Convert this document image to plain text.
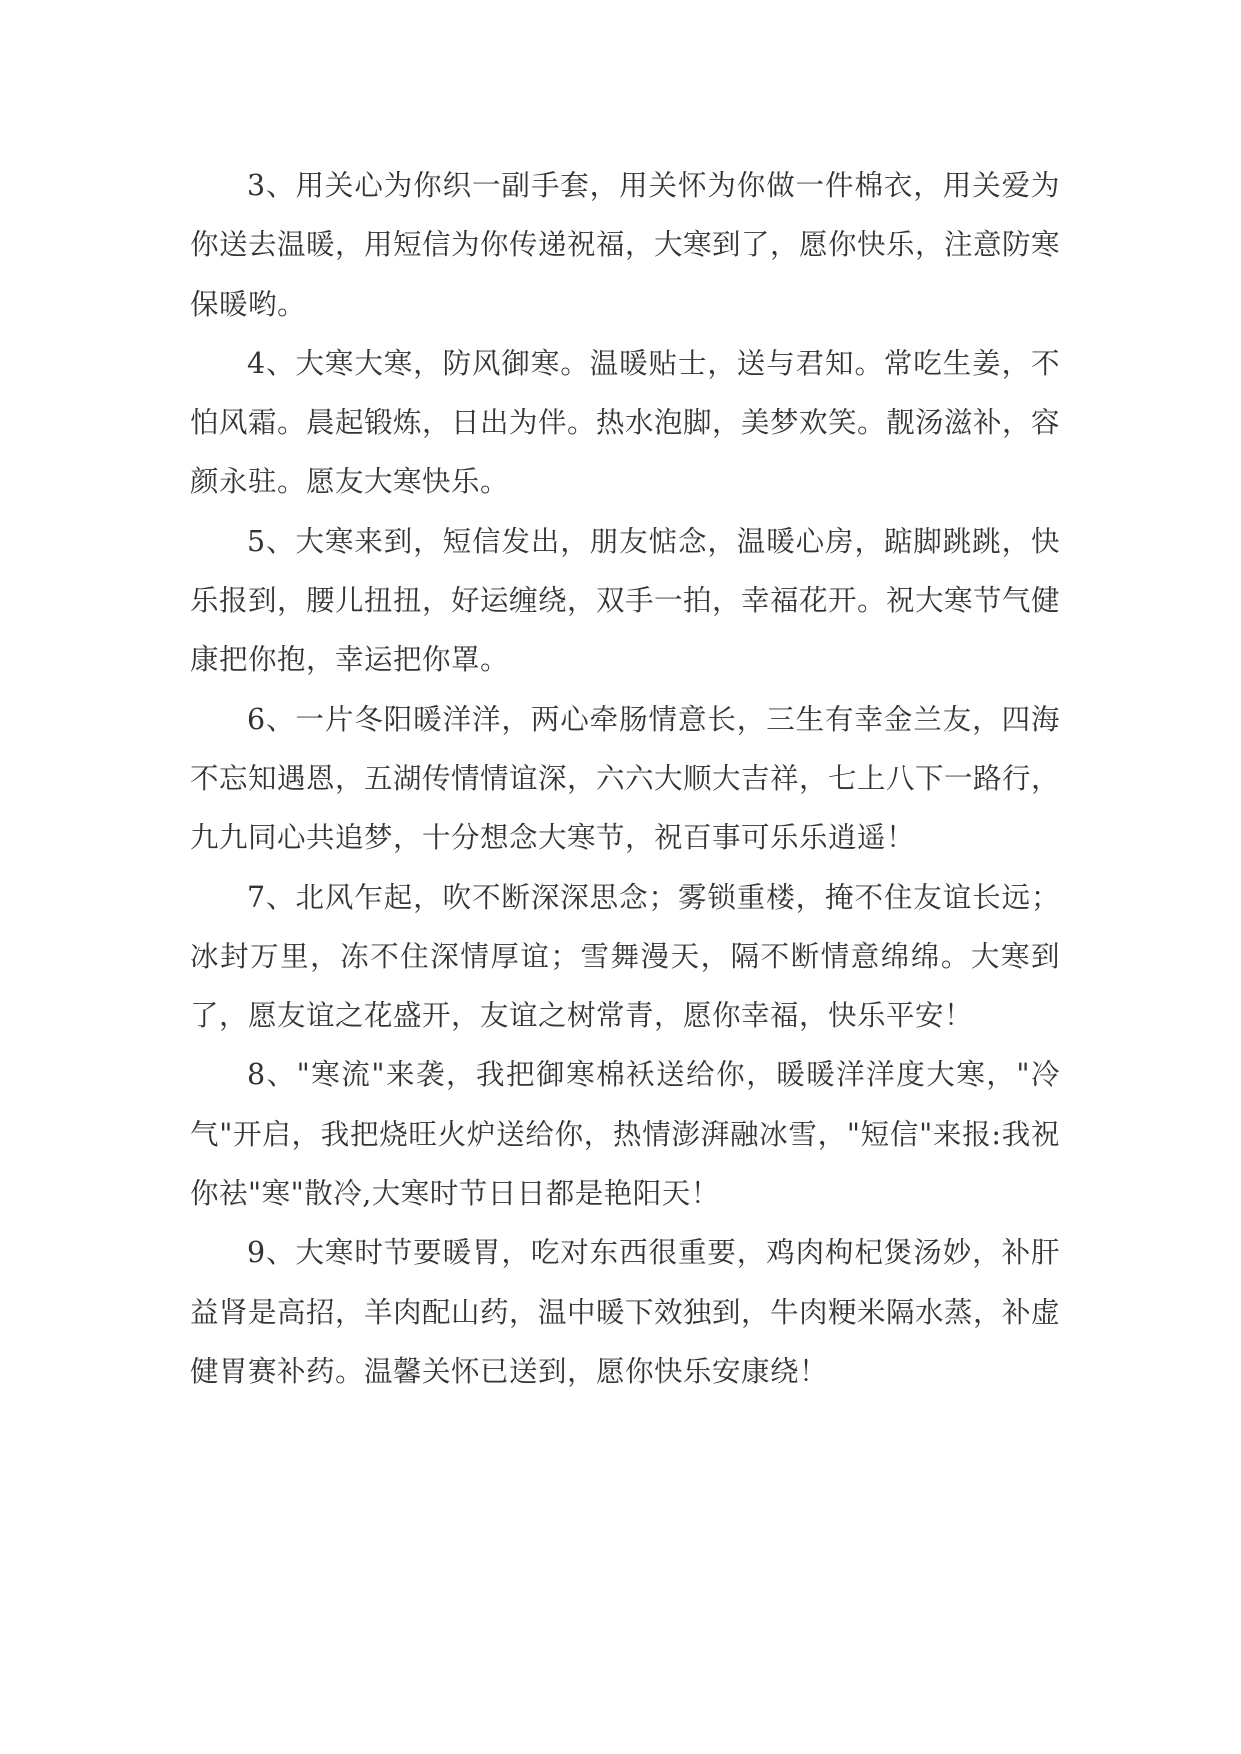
3、用关心为你织一副手套，用关怀为你做一件棉衣，用关爱为你送去温暖，用短信为你传递祝福，大寒到了，愿你快乐，注意防寒保暖哟。

4、大寒大寒，防风御寒。温暖贴士，送与君知。常吃生姜，不怕风霜。晨起锻炼，日出为伴。热水泡脚，美梦欢笑。靓汤滋补，容颜永驻。愿友大寒快乐。

5、大寒来到，短信发出，朋友惦念，温暖心房，踮脚跳跳，快乐报到，腰儿扭扭，好运缠绕，双手一拍，幸福花开。祝大寒节气健康把你抱，幸运把你罩。

6、一片冬阳暖洋洋，两心牵肠情意长，三生有幸金兰友，四海不忘知遇恩，五湖传情情谊深，六六大顺大吉祥，七上八下一路行，九九同心共追梦，十分想念大寒节，祝百事可乐乐逍遥！

7、北风乍起，吹不断深深思念；雾锁重楼，掩不住友谊长远；冰封万里，冻不住深情厚谊；雪舞漫天，隔不断情意绵绵。大寒到了，愿友谊之花盛开，友谊之树常青，愿你幸福，快乐平安！

8、"寒流"来袭，我把御寒棉袄送给你，暖暖洋洋度大寒，"冷气"开启，我把烧旺火炉送给你，热情澎湃融冰雪，"短信"来报:我祝你祛"寒"散冷,大寒时节日日都是艳阳天！

9、大寒时节要暖胃，吃对东西很重要，鸡肉枸杞煲汤妙，补肝益肾是高招，羊肉配山药，温中暖下效独到，牛肉粳米隔水蒸，补虚健胃赛补药。温馨关怀已送到，愿你快乐安康绕！
